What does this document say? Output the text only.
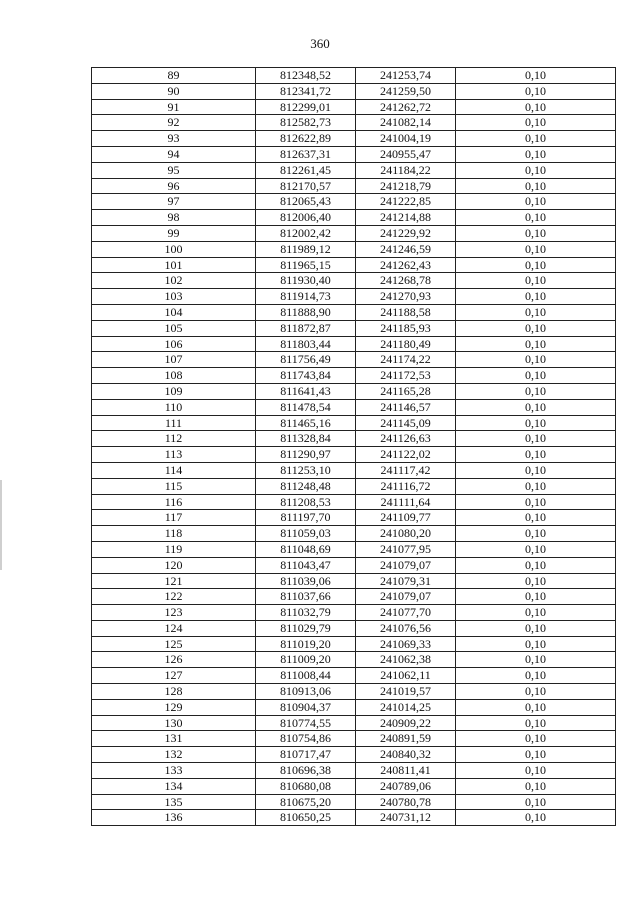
360
89	812348,52	241253,74	0,10
90	812341,72	241259,50	0,10
91	812299,01	241262,72	0,10
92	812582,73	241082,14	0,10
93	812622,89	241004,19	0,10
94	812637,31	240955,47	0,10
95	812261,45	241184,22	0,10
96	812170,57	241218,79	0,10
97	812065,43	241222,85	0,10
98	812006,40	241214,88	0,10
99	812002,42	241229,92	0,10
100	811989,12	241246,59	0,10
101	811965,15	241262,43	0,10
102	811930,40	241268,78	0,10
103	811914,73	241270,93	0,10
104	811888,90	241188,58	0,10
105	811872,87	241185,93	0,10
106	811803,44	241180,49	0,10
107	811756,49	241174,22	0,10
108	811743,84	241172,53	0,10
109	811641,43	241165,28	0,10
110	811478,54	241146,57	0,10
111	811465,16	241145,09	0,10
112	811328,84	241126,63	0,10
113	811290,97	241122,02	0,10
114	811253,10	241117,42	0,10
115	811248,48	241116,72	0,10
116	811208,53	241111,64	0,10
117	811197,70	241109,77	0,10
118	811059,03	241080,20	0,10
119	811048,69	241077,95	0,10
120	811043,47	241079,07	0,10
121	811039,06	241079,31	0,10
122	811037,66	241079,07	0,10
123	811032,79	241077,70	0,10
124	811029,79	241076,56	0,10
125	811019,20	241069,33	0,10
126	811009,20	241062,38	0,10
127	811008,44	241062,11	0,10
128	810913,06	241019,57	0,10
129	810904,37	241014,25	0,10
130	810774,55	240909,22	0,10
131	810754,86	240891,59	0,10
132	810717,47	240840,32	0,10
133	810696,38	240811,41	0,10
134	810680,08	240789,06	0,10
135	810675,20	240780,78	0,10
136	810650,25	240731,12	0,10
